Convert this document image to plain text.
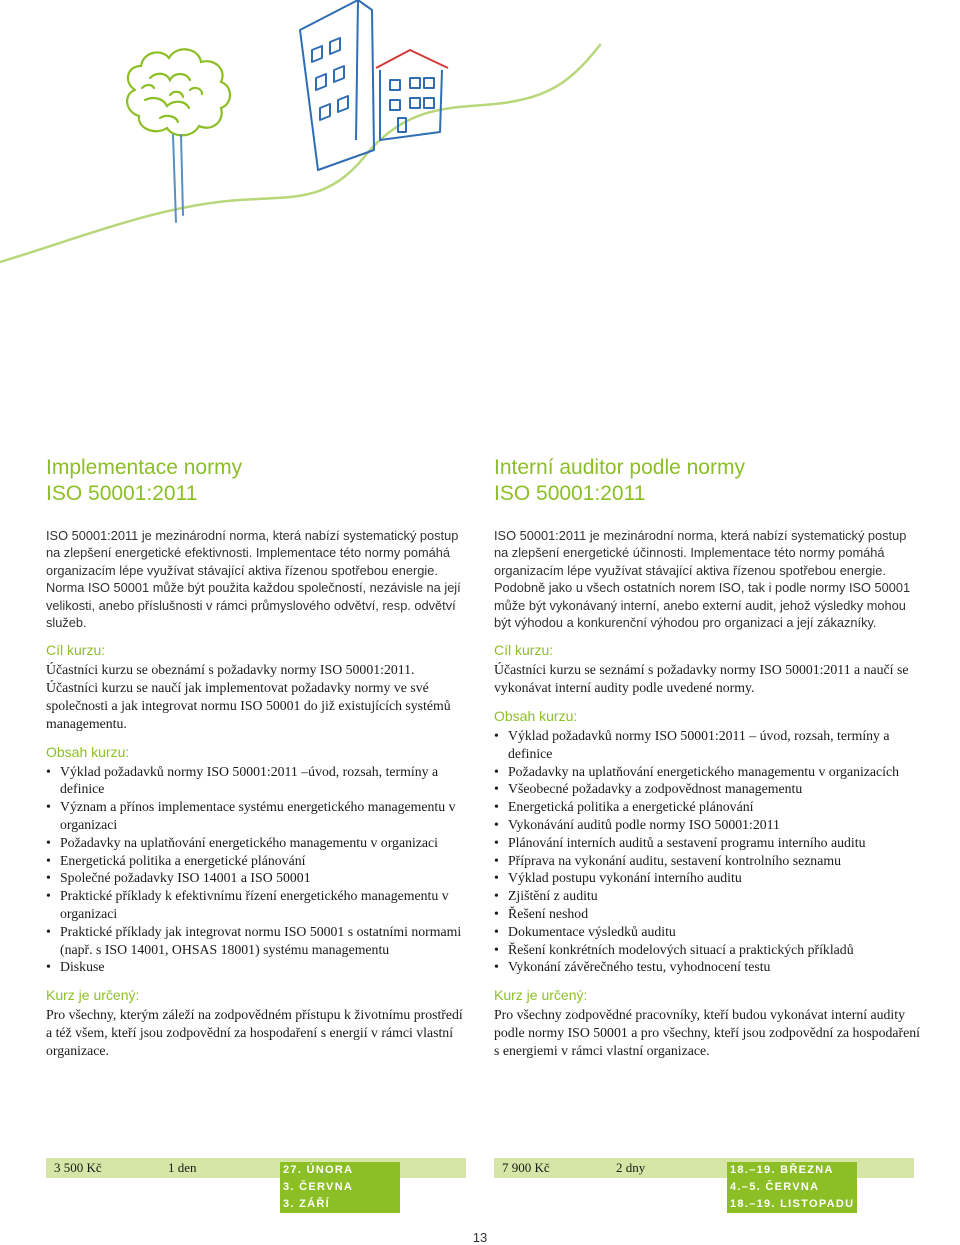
Implementace normy
ISO 50001:2011

ISO 50001:2011 je mezinárodní norma, která nabízí systematický postup na zlepšení energetické efektivnosti. Implementace této normy pomáhá organizacím lépe využívat stávající aktiva řízenou spotřebou energie. Norma ISO 50001 může být použita každou společností, nezávisle na její velikosti, anebo příslušnosti v rámci průmyslového odvětví, resp. odvětví služeb.

Cíl kurzu:

Účastníci kurzu se obeznámí s požadavky normy ISO 50001:2011. Účastníci kurzu se naučí jak implementovat požadavky normy ve své společnosti a jak integrovat normu ISO 50001 do již existujících systémů managementu.

Obsah kurzu:
• Výklad požadavků normy ISO 50001:2011 –úvod, rozsah, termíny a definice
• Význam a přínos implementace systému energetického managementu v organizaci
• Požadavky na uplatňování energetického managementu v organizaci
• Energetická politika a energetické plánování
• Společné požadavky ISO 14001 a ISO 50001
• Praktické příklady k efektivnímu řízení energetického managementu v organizaci
• Praktické příklady jak integrovat normu ISO 50001 s ostatními normami (např. s ISO 14001, OHSAS 18001) systému managementu
• Diskuse
Kurz je určený:

Pro všechny, kterým záleží na zodpovědném přístupu k životnímu prostředí a též všem, kteří jsou zodpovědní za hospodaření s energií v rámci vlastní organizace.

Interní auditor podle normy
ISO 50001:2011

ISO 50001:2011 je mezinárodní norma, která nabízí systematický postup na zlepšení energetické účinnosti. Implementace této normy pomáhá organizacím lépe využívat stávající aktiva řízenou spotřebou energie. Podobně jako u všech ostatních norem ISO, tak i podle normy ISO 50001 může být vykonávaný interní, anebo externí audit, jehož výsledky mohou být výhodou a konkurenční výhodou pro organizaci a její zákazníky.

Cíl kurzu:

Účastníci kurzu se seznámí s požadavky normy ISO 50001:2011 a naučí se vykonávat interní audity podle uvedené normy.

Obsah kurzu:
• Výklad požadavků normy ISO 50001:2011 – úvod, rozsah, termíny a definice
• Požadavky na uplatňování energetického managementu v organizacích
• Všeobecné požadavky a zodpovědnost managementu
• Energetická politika a energetické plánování
• Vykonávání auditů podle normy ISO 50001:2011
• Plánování interních auditů a sestavení programu interního auditu
• Příprava na vykonání auditu, sestavení kontrolního seznamu
• Výklad postupu vykonání interního auditu
• Zjištění z auditu
• Řešení neshod
• Dokumentace výsledků auditu
• Řešení konkrétních modelových situací a praktických příkladů
• Vykonání závěrečného testu, vyhodnocení testu
Kurz je určený:

Pro všechny zodpovědné pracovníky, kteří budou vykonávat interní audity podle normy ISO 50001 a pro všechny, kteří jsou zodpovědní za hospodaření s energiemi v rámci vlastní organizace.

3 500 Kč	1 den	27. ÚNORA
3. ČERVNA
3. ZÁŘÍ
7 900 Kč	2 dny	18.–19. BŘEZNA
4.–5. ČERVNA
18.–19. LISTOPADU
13
